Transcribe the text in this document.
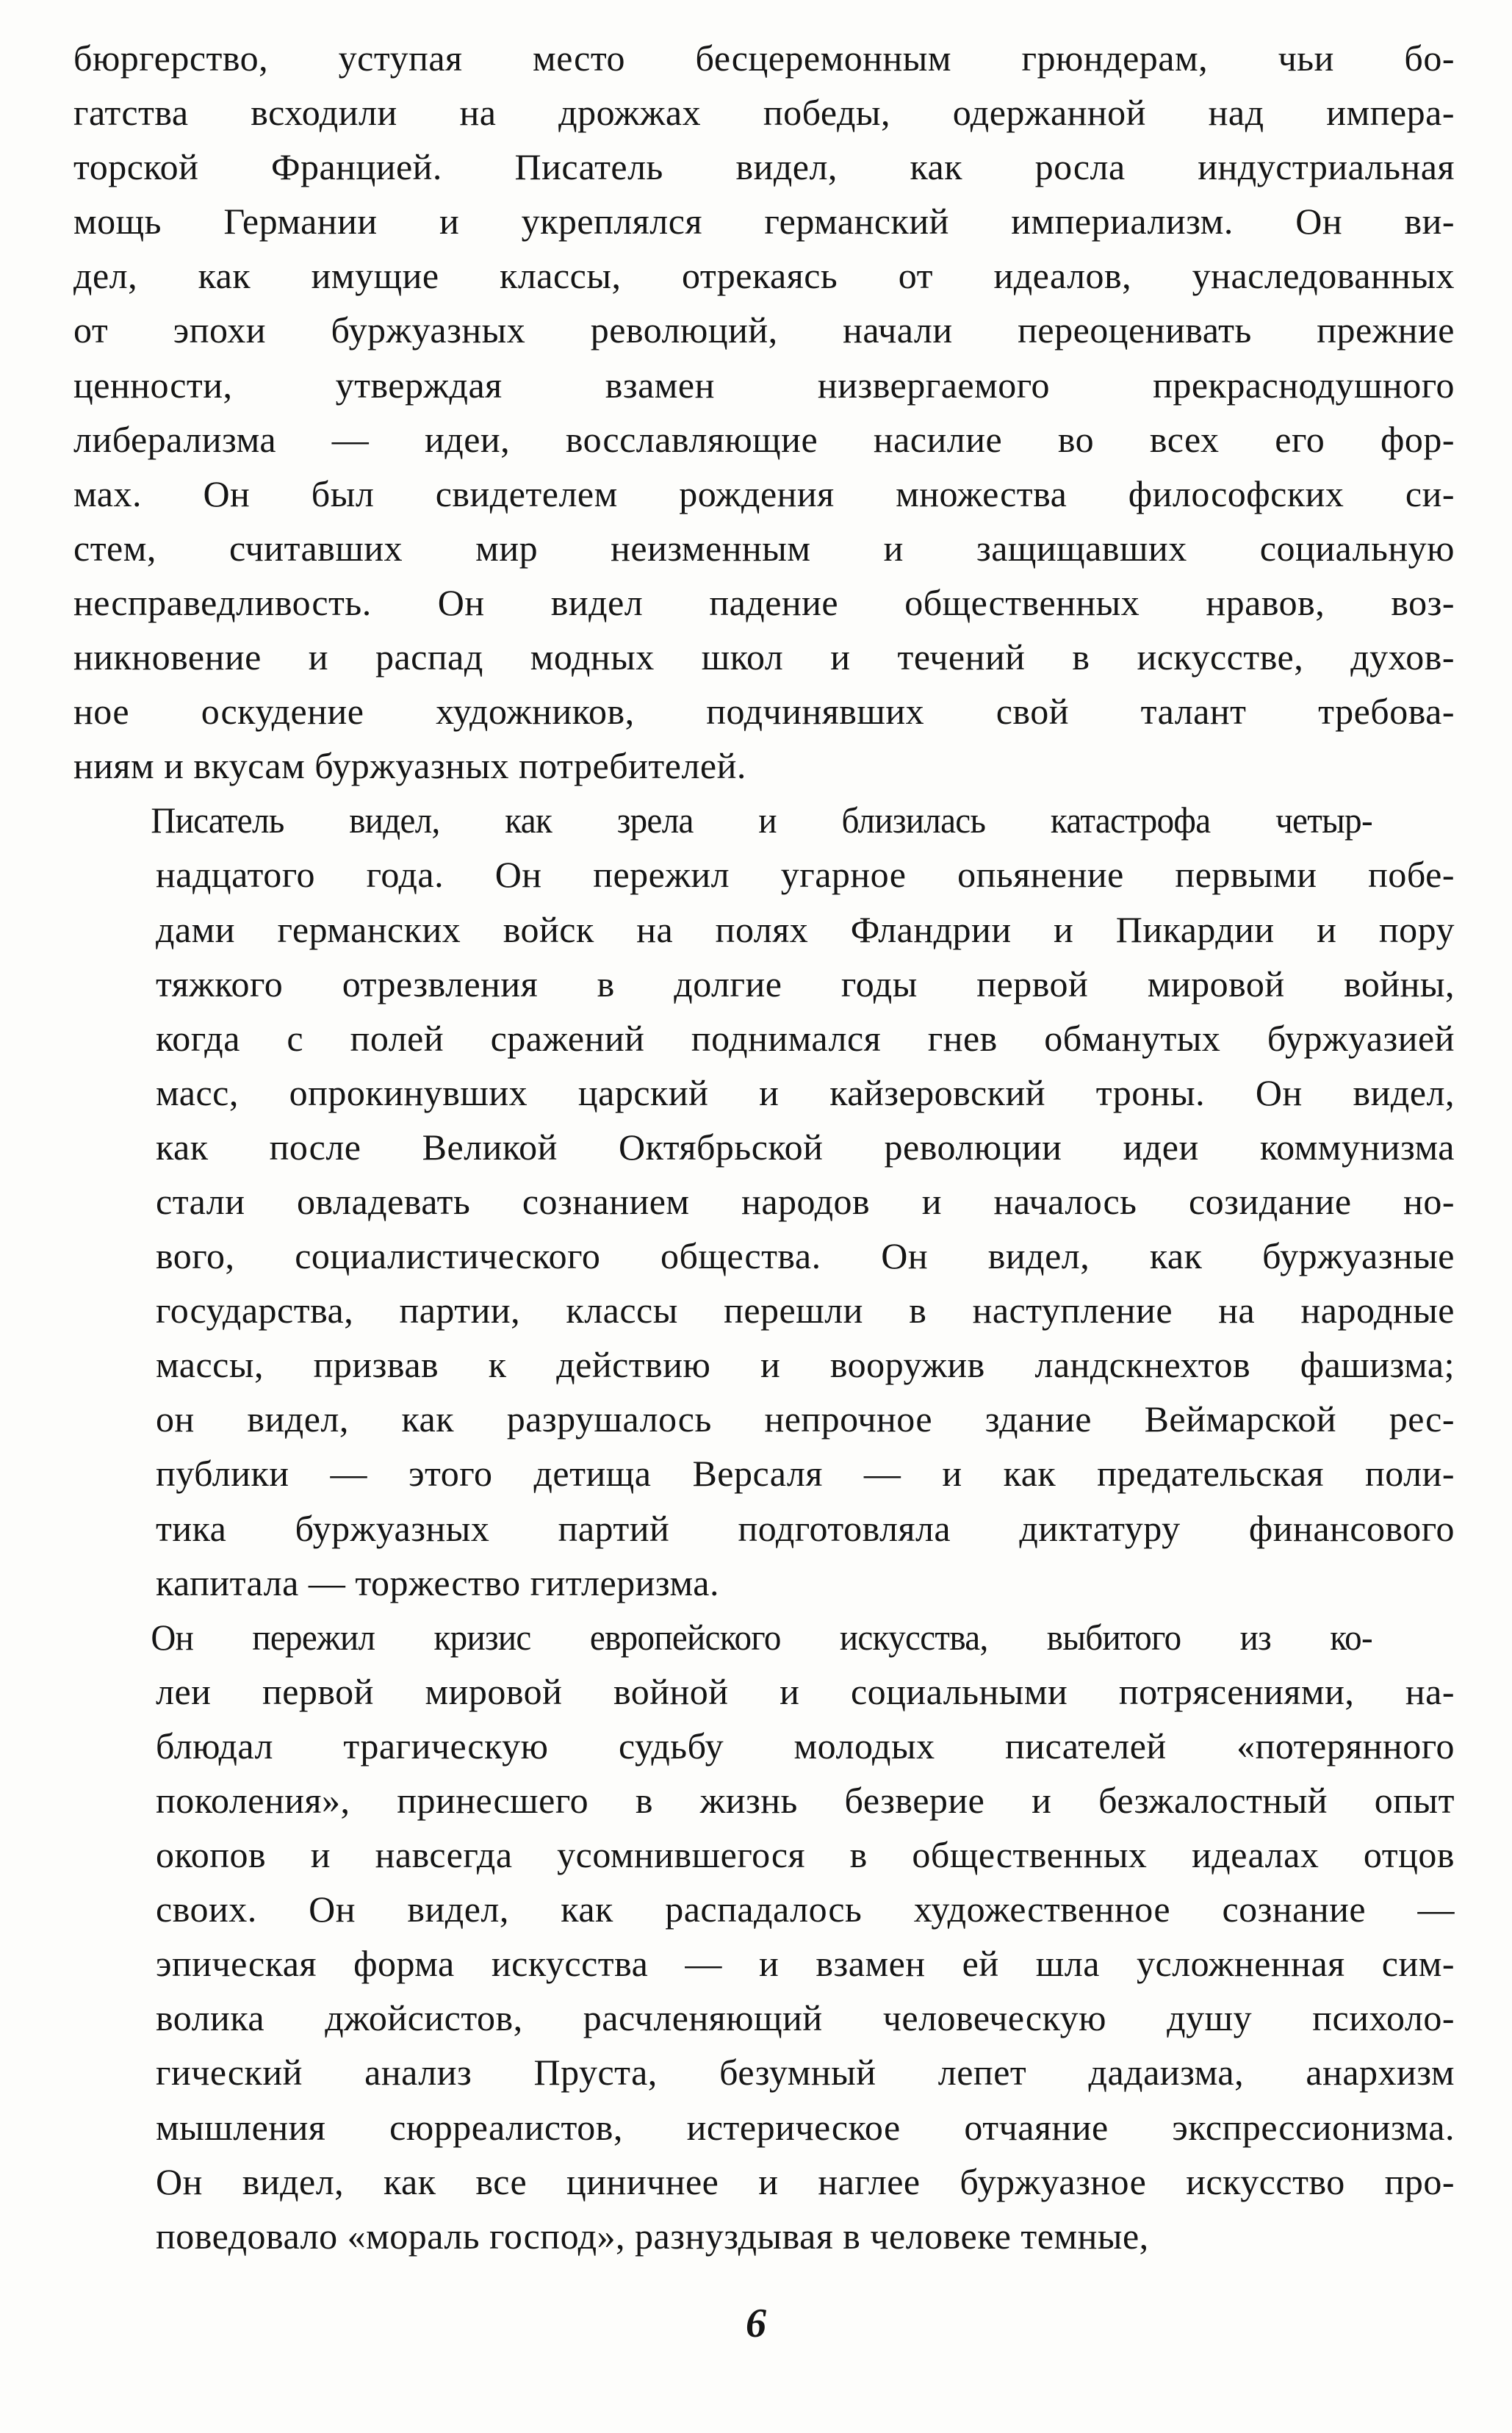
бюргерство, уступая место бесцеремонным грюндерам, чьи бо-
гатства всходили на дрожжах победы, одержанной над импера-
торской Францией. Писатель видел, как росла индустриальная
мощь Германии и укреплялся германский империализм. Он ви-
дел, как имущие классы, отрекаясь от идеалов, унаследованных
от эпохи буржуазных революций, начали переоценивать прежние
ценности, утверждая взамен низвергаемого прекраснодушного
либерализма — идеи, восславляющие насилие во всех его фор-
мах. Он был свидетелем рождения множества философских си-
стем, считавших мир неизменным и защищавших социальную
несправедливость. Он видел падение общественных нравов, воз-
никновение и распад модных школ и течений в искусстве, духов-
ное оскудение художников, подчинявших свой талант требова-
ниям и вкусам буржуазных потребителей.
Писатель видел, как зрела и близилась катастрофа четыр-
надцатого года. Он пережил угарное опьянение первыми побе-
дами германских войск на полях Фландрии и Пикардии и пору
тяжкого отрезвления в долгие годы первой мировой войны,
когда с полей сражений поднимался гнев обманутых буржуазией
масс, опрокинувших царский и кайзеровский троны. Он видел,
как после Великой Октябрьской революции идеи коммунизма
стали овладевать сознанием народов и началось созидание но-
вого, социалистического общества. Он видел, как буржуазные
государства, партии, классы перешли в наступление на народные
массы, призвав к действию и вооружив ландскнехтов фашизма;
он видел, как разрушалось непрочное здание Веймарской рес-
публики — этого детища Версаля — и как предательская поли-
тика буржуазных партий подготовляла диктатуру финансового
капитала — торжество гитлеризма.
Он пережил кризис европейского искусства, выбитого из ко-
леи первой мировой войной и социальными потрясениями, на-
блюдал трагическую судьбу молодых писателей «потерянного
поколения», принесшего в жизнь безверие и безжалостный опыт
окопов и навсегда усомнившегося в общественных идеалах отцов
своих. Он видел, как распадалось художественное сознание —
эпическая форма искусства — и взамен ей шла усложненная сим-
волика джойсистов, расчленяющий человеческую душу психоло-
гический анализ Пруста, безумный лепет дадаизма, анархизм
мышления сюрреалистов, истерическое отчаяние экспрессионизма.
Он видел, как все циничнее и наглее буржуазное искусство про-
поведовало «мораль господ», разнуздывая в человеке темные,
6
